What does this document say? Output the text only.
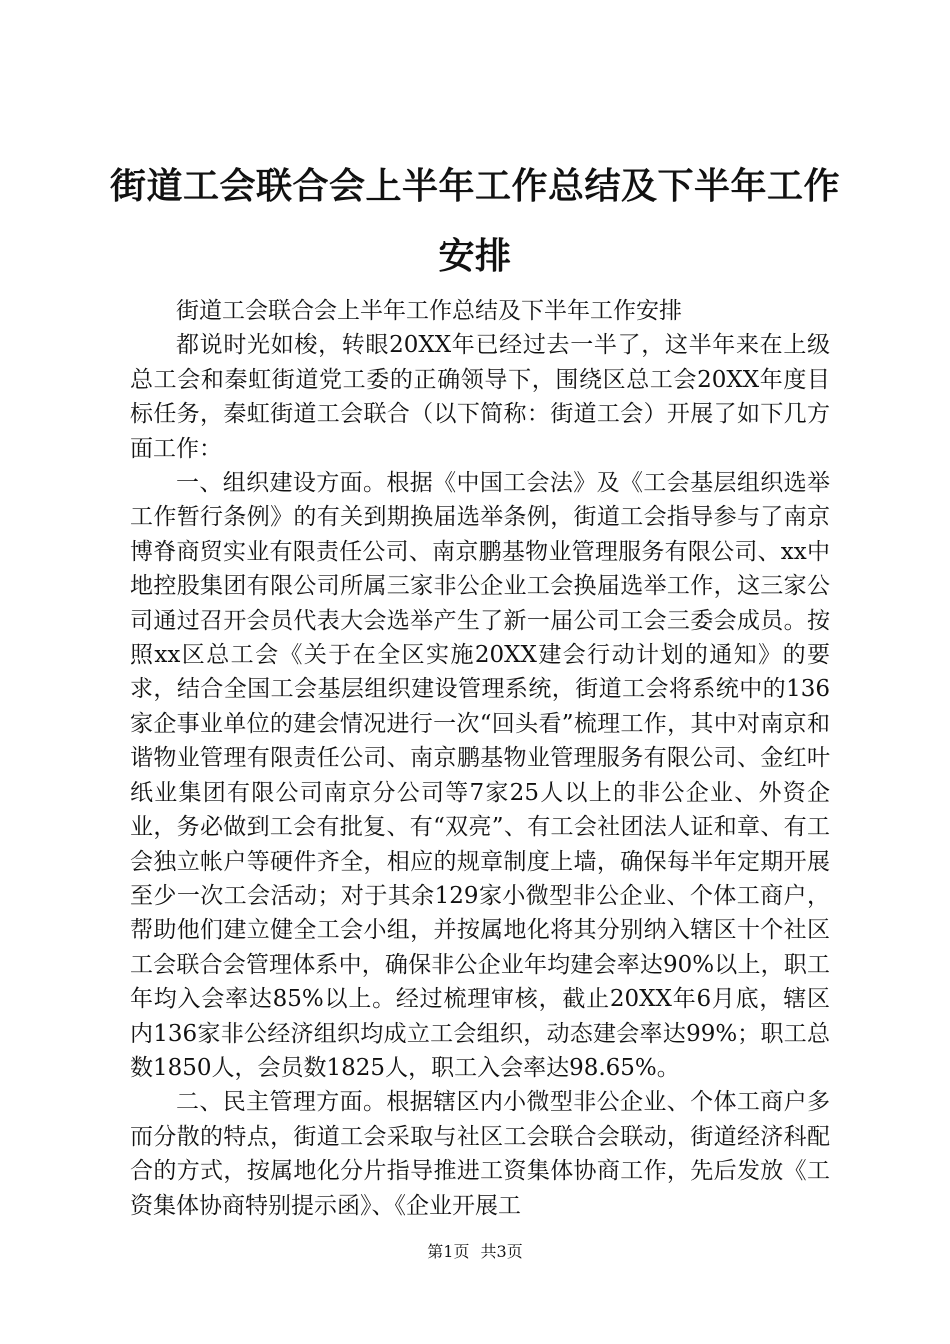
街道工会联合会上半年工作总结及下半年工作安排

街道工会联合会上半年工作总结及下半年工作安排

都说时光如梭，转眼20XX年已经过去一半了，这半年来在上级总工会和秦虹街道党工委的正确领导下，围绕区总工会20XX年度目标任务，秦虹街道工会联合（以下简称：街道工会）开展了如下几方面工作：

一、组织建设方面。根据《中国工会法》及《工会基层组织选举工作暂行条例》的有关到期换届选举条例，街道工会指导参与了南京博脊商贸实业有限责任公司、南京鹏基物业管理服务有限公司、xx中地控股集团有限公司所属三家非公企业工会换届选举工作，这三家公司通过召开会员代表大会选举产生了新一届公司工会三委会成员。按照xx区总工会《关于在全区实施20XX建会行动计划的通知》的要求，结合全国工会基层组织建设管理系统，街道工会将系统中的136家企事业单位的建会情况进行一次“回头看”梳理工作，其中对南京和谐物业管理有限责任公司、南京鹏基物业管理服务有限公司、金红叶纸业集团有限公司南京分公司等7家25人以上的非公企业、外资企业，务必做到工会有批复、有“双亮”、有工会社团法人证和章、有工会独立帐户等硬件齐全，相应的规章制度上墙，确保每半年定期开展至少一次工会活动；对于其余129家小微型非公企业、个体工商户，帮助他们建立健全工会小组，并按属地化将其分别纳入辖区十个社区工会联合会管理体系中，确保非公企业年均建会率达90%以上，职工年均入会率达85%以上。经过梳理审核，截止20XX年6月底，辖区内136家非公经济组织均成立工会组织，动态建会率达99%；职工总数1850人，会员数1825人，职工入会率达98.65%。

二、民主管理方面。根据辖区内小微型非公企业、个体工商户多而分散的特点，街道工会采取与社区工会联合会联动，街道经济科配合的方式，按属地化分片指导推进工资集体协商工作，先后发放《工资集体协商特别提示函》、《企业开展工

第1页 共3页
